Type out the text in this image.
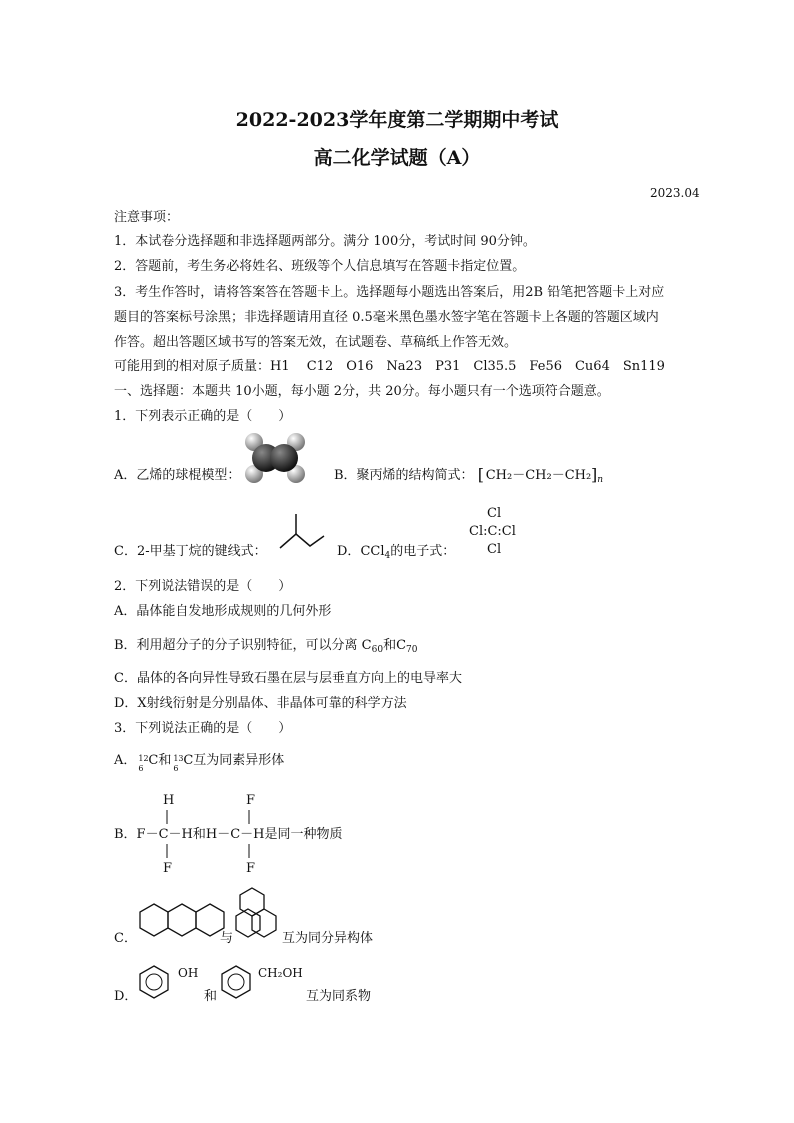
2022-2023学年度第二学期期中考试
高二化学试题（A）
2023.04
注意事项：
1．本试卷分选择题和非选择题两部分。满分 100分，考试时间 90分钟。
2．答题前，考生务必将姓名、班级等个人信息填写在答题卡指定位置。
3．考生作答时，请将答案答在答题卡上。选择题每小题选出答案后，用2B 铅笔把答题卡上对应
题目的答案标号涂黑；非选择题请用直径 0.5毫米黑色墨水签字笔在答题卡上各题的答题区域内
作答。超出答题区域书写的答案无效，在试题卷、草稿纸上作答无效。
可能用到的相对原子质量：H1　 C12　O16　Na23　P31　Cl35.5　Fe56　Cu64　Sn119
一、选择题：本题共 10小题，每小题 2分，共 20分。每小题只有一个选项符合题意。
1．下列表示正确的是（　　）
A．乙烯的球棍模型：	B．聚丙烯的结构简式： [ CH₂－CH₂－CH₂ ] $_n$
C．2-甲基丁烷的键线式：	D．CCl$_4$的电子式：
Cl
Cl:C:Cl
Cl
2．下列说法错误的是（　　）
A．晶体能自发地形成规则的几何外形
B．利用超分子的分子识别特征，可以分离 $C_{60}$和$C_{70}$
C．晶体的各向异性导致石墨在层与层垂直方向上的电导率大
D．X射线衍射是分别晶体、非晶体可靠的科学方法
3．下列说法正确的是（　　）
A． 12
6
C和 13
6
C互为同素异形体
H	F
B．F－C－H和H－C－H是同一种物质
F	F
C．	与	互为同分异构体
D．
OH
和
CH₂OH
互为同系物
